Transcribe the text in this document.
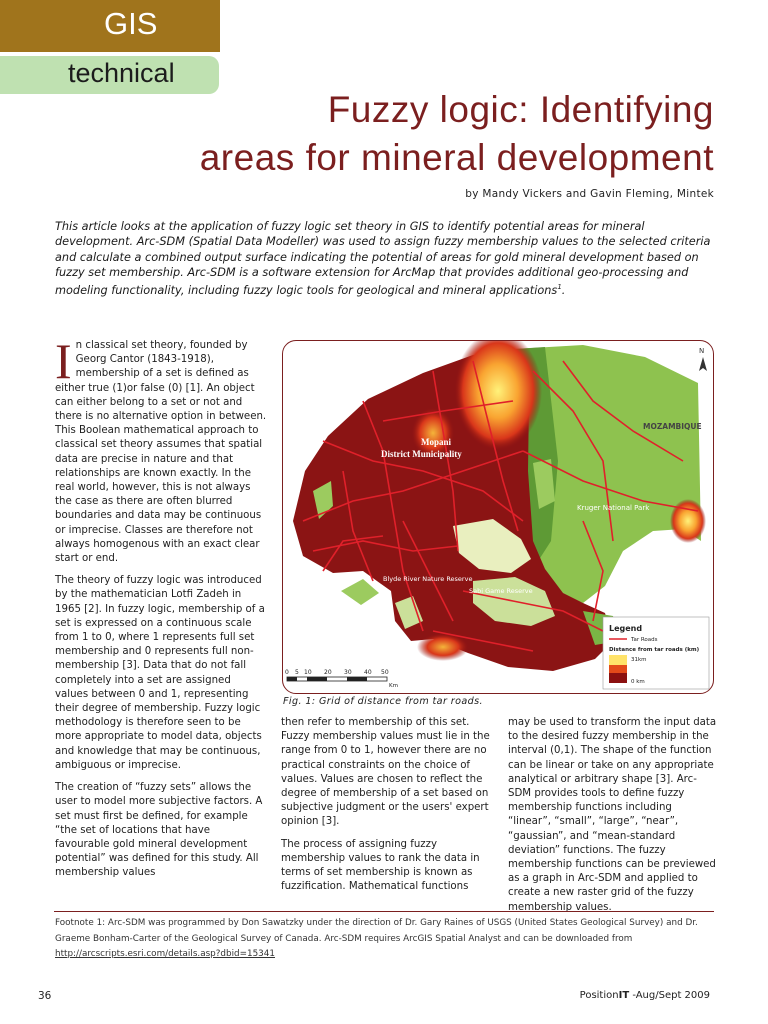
GIS
technical
Fuzzy logic: Identifying
areas for mineral development
by Mandy Vickers and Gavin Fleming, Mintek
This article looks at the application of fuzzy logic set theory in GIS to identify potential areas for mineral development. Arc-SDM (Spatial Data Modeller) was used to assign fuzzy membership values to the selected criteria and calculate a combined output surface indicating the potential of areas for gold mineral development based on fuzzy set membership. Arc-SDM is a software extension for ArcMap that provides additional geo-processing and modeling functionality, including fuzzy logic tools for geological and mineral applications$^1$.

In classical set theory, founded by Georg Cantor (1843-1918), membership of a set is defined as either true (1)or false (0) [1]. An object can either belong to a set or not and there is no alternative option in between. This Boolean mathematical approach to classical set theory assumes that spatial data are precise in nature and that relationships are known exactly. In the real world, however, this is not always the case as there are often blurred boundaries and data may be continuous or imprecise. Classes are therefore not always homogenous with an exact clear start or end.

The theory of fuzzy logic was introduced by the mathematician Lotfi Zadeh in 1965 [2]. In fuzzy logic, membership of a set is expressed on a continuous scale from 1 to 0, where 1 represents full set membership and 0 represents full non-membership [3]. Data that do not fall completely into a set are assigned values between 0 and 1, representing their degree of membership. Fuzzy logic methodology is therefore seen to be more appropriate to model data, objects and knowledge that may be continuous, ambiguous or imprecise.

The creation of “fuzzy sets” allows the user to model more subjective factors. A set must first be defined, for example “the set of locations that have favourable gold mineral development potential” was defined for this study. All membership values

Mopani
District Municipality
MOZAMBIQUE
Kruger National Park
Blyde River Nature Reserve
Sabi Game Reserve
N
0 5 10 20 30 40 50
Km
Legend
Tar Roads
Distance from tar roads (km)
31km
0 km
Fig. 1: Grid of distance from tar roads.

then refer to membership of this set. Fuzzy membership values must lie in the range from 0 to 1, however there are no practical constraints on the choice of values. Values are chosen to reflect the degree of membership of a set based on subjective judgment or the users' expert opinion [3].

The process of assigning fuzzy membership values to rank the data in terms of set membership is known as fuzzification. Mathematical functions

may be used to transform the input data to the desired fuzzy membership in the interval (0,1). The shape of the function can be linear or take on any appropriate analytical or arbitrary shape [3]. Arc-SDM provides tools to define fuzzy membership functions including “linear”, “small”, “large”, “near”, “gaussian”, and “mean-standard deviation” functions. The fuzzy membership functions can be previewed as a graph in Arc-SDM and applied to create a new raster grid of the fuzzy membership values.

Footnote 1: Arc-SDM was programmed by Don Sawatzky under the direction of Dr. Gary Raines of USGS (United States Geological Survey) and Dr. Graeme Bonham-Carter of the Geological Survey of Canada. Arc-SDM requires ArcGIS Spatial Analyst and can be downloaded from
http://arcscripts.esri.com/details.asp?dbid=15341
36	PositionIT -Aug/Sept 2009
